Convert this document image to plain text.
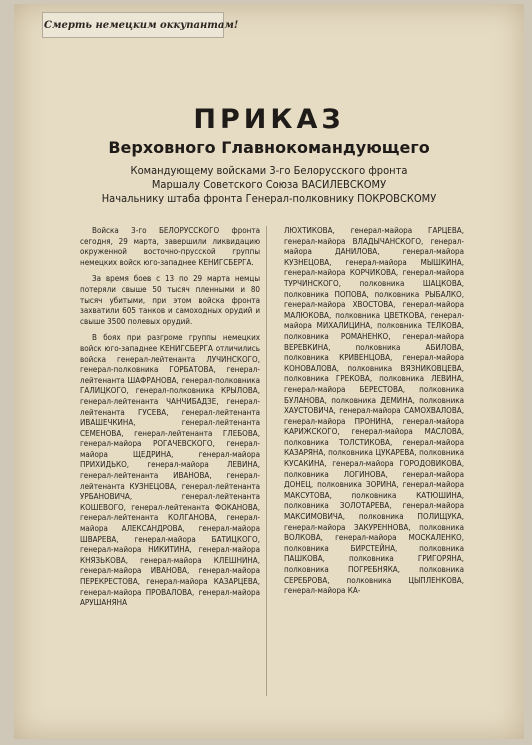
Смерть немецким оккупантам!
ПРИКАЗ
Верховного Главнокомандующего
Командующему войсками 3-го Белорусского фронта
Маршалу Советского Союза ВАСИЛЕВСКОМУ
Начальнику штаба фронта Генерал-полковнику ПОКРОВСКОМУ

Войска 3-го БЕЛОРУССКОГО фронта сегодня, 29 марта, завершили ликвидацию окруженной восточно-прусской группы немецких войск юго-западнее КЕНИГСБЕРГА.

За время боев с 13 по 29 марта немцы потеряли свыше 50 тысяч пленными и 80 тысяч убитыми, при этом войска фронта захватили 605 танков и самоходных орудий и свыше 3500 полевых орудий.

В боях при разгроме группы немецких войск юго-западнее КЕНИГСБЕРГА отличились войска генерал-лейтенанта ЛУЧИНСКОГО, генерал-полковника ГОРБАТОВА, генерал-лейтенанта ШАФРАНОВА, генерал-полковника ГАЛИЦКОГО, генерал-полковника КРЫЛОВА, генерал-лейтенанта ЧАНЧИБАДЗЕ, генерал-лейтенанта ГУСЕВА, генерал-лейтенанта ИВАШЕЧКИНА, генерал-лейтенанта СЕМЕНОВА, генерал-лейтенанта ГЛЕБОВА, генерал-майора РОГАЧЕВСКОГО, генерал-майора ЩЕДРИНА, генерал-майора ПРИХИДЬКО, генерал-майора ЛЕВИНА, генерал-лейтенанта ИВАНОВА, генерал-лейтенанта КУЗНЕЦОВА, генерал-лейтенанта УРБАНОВИЧА, генерал-лейтенанта КОШЕВОГО, генерал-лейтенанта ФОКАНОВА, генерал-лейтенанта КОЛГАНОВА, генерал-майора АЛЕКСАНДРОВА, генерал-майора ШВАРЕВА, генерал-майора БАТИЦКОГО, генерал-майора НИКИТИНА, генерал-майора КНЯЗЬКОВА, генерал-майора КЛЕШНИНА, генерал-майора ИВАНОВА, генерал-майора ПЕРЕКРЕСТОВА, генерал-майора КАЗАРЦЕВА, генерал-майора ПРОВАЛОВА, генерал-майора АРУШАНЯНА

ЛЮХТИКОВА, генерал-майора ГАРЦЕВА, генерал-майора ВЛАДЫЧАНСКОГО, генерал-майора ДАНИЛОВА, генерал-майора КУЗНЕЦОВА, генерал-майора МЫШКИНА, генерал-майора КОРЧИКОВА, генерал-майора ТУРЧИНСКОГО, полковника ШАЦКОВА, полковника ПОПОВА, полковника РЫБАЛКО, генерал-майора ХВОСТОВА, генерал-майора МАЛЮКОВА, полковника ЦВЕТКОВА, генерал-майора МИХАЛИЦИНА, полковника ТЕЛКОВА, полковника РОМАНЕНКО, генерал-майора ВЕРЕВКИНА, полковника АБИЛОВА, полковника КРИВЕНЦОВА, генерал-майора КОНОВАЛОВА, полковника ВЯЗНИКОВЦЕВА, полковника ГРЕКОВА, полковника ЛЕВИНА, генерал-майора БЕРЕСТОВА, полковника БУЛАНОВА, полковника ДЕМИНА, полковника ХАУСТОВИЧА, генерал-майора САМОХВАЛОВА, генерал-майора ПРОНИНА, генерал-майора КАРИЖСКОГО, генерал-майора МАСЛОВА, полковника ТОЛСТИКОВА, генерал-майора КАЗАРЯНА, полковника ЦУКАРЕВА, полковника КУСАКИНА, генерал-майора ГОРОДОВИКОВА, полковника ЛОГИНОВА, генерал-майора ДОНЕЦ, полковника ЗОРИНА, генерал-майора МАКСУТОВА, полковника КАТЮШИНА, полковника ЗОЛОТАРЕВА, генерал-майора МАКСИМОВИЧА, полковника ПОЛИЩУКА, генерал-майора ЗАКУРЕННОВА, полковника ВОЛКОВА, генерал-майора МОСКАЛЕНКО, полковника БИРСТЕЙНА, полковника ПАШКОВА, полковника ГРИГОРЯНА, полковника ПОГРЕБНЯКА, полковника СЕРЕБРОВА, полковника ЦЫПЛЕНКОВА, генерал-майора КА-
